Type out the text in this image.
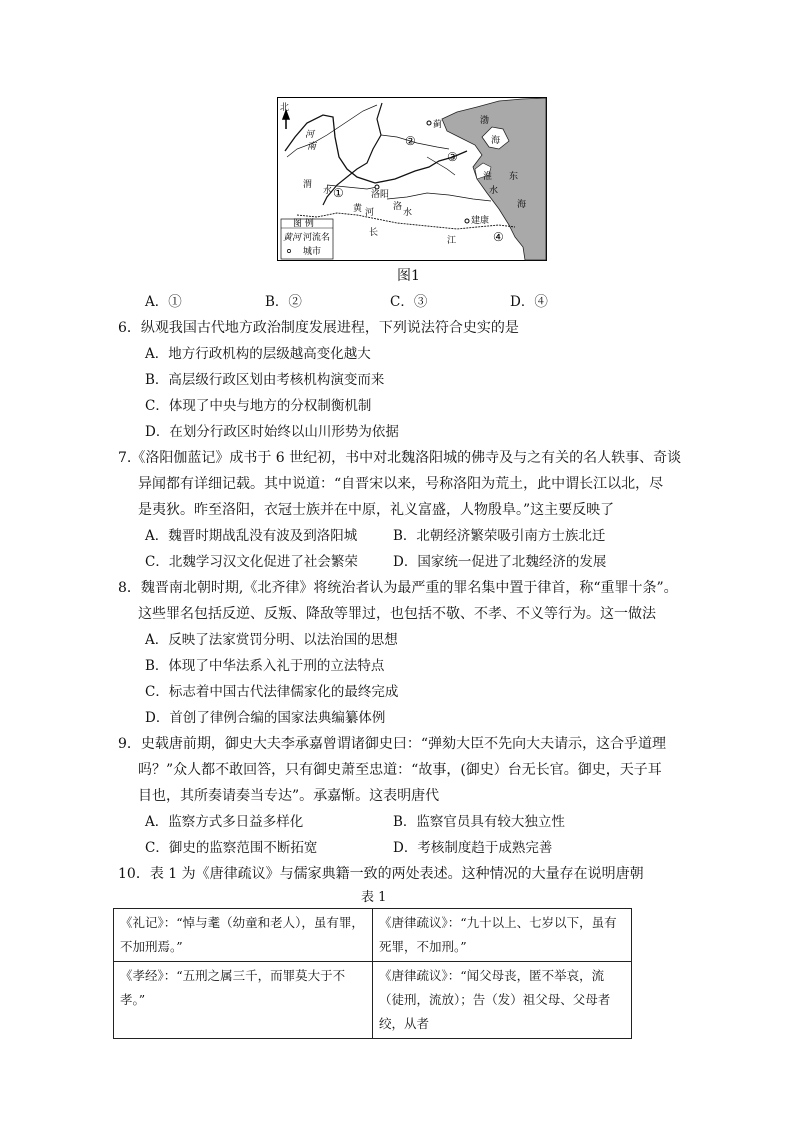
北
蓟
洛阳
建康
渤
海
东
海
渭
水
河
南
洛
水
淮
水
黄 河
长
江
①
②
③
④
图 例
黄河 河流名
城市
图1
A．①	B．②	C．③	D．④
6．纵观我国古代地方政治制度发展进程，下列说法符合史实的是
A．地方行政机构的层级越高变化越大
B．高层级行政区划由考核机构演变而来
C．体现了中央与地方的分权制衡机制
D．在划分行政区时始终以山川形势为依据
7.《洛阳伽蓝记》成书于 6 世纪初，书中对北魏洛阳城的佛寺及与之有关的名人轶事、奇谈
异闻都有详细记载。其中说道：“自晋宋以来，号称洛阳为荒土，此中谓长江以北，尽
是夷狄。昨至洛阳，衣冠士族并在中原，礼义富盛，人物殷阜。”这主要反映了
A．魏晋时期战乱没有波及到洛阳城	B．北朝经济繁荣吸引南方士族北迁
C．北魏学习汉文化促进了社会繁荣	D．国家统一促进了北魏经济的发展
8．魏晋南北朝时期,《北齐律》将统治者认为最严重的罪名集中置于律首，称“重罪十条”。
这些罪名包括反逆、反叛、降敌等罪过，也包括不敬、不孝、不义等行为。这一做法
A．反映了法家赏罚分明、以法治国的思想
B．体现了中华法系入礼于刑的立法特点
C．标志着中国古代法律儒家化的最终完成
D．首创了律例合编的国家法典编纂体例
9．史载唐前期，御史大夫李承嘉曾谓诸御史曰：“弹劾大臣不先向大夫请示，这合乎道理
吗？”众人都不敢回答，只有御史萧至忠道：“故事，(御史）台无长官。御史，天子耳
目也，其所奏请奏当专达”。承嘉惭。这表明唐代
A．监察方式多日益多样化	B．监察官员具有较大独立性
C．御史的监察范围不断拓宽	D．考核制度趋于成熟完善
10．表 1 为《唐律疏议》与儒家典籍一致的两处表述。这种情况的大量存在说明唐朝
表 1
《礼记》：“悼与耄（幼童和老人），虽有罪，不加刑焉。”	《唐律疏议》：“九十以上、七岁以下，虽有死罪，不加刑。”
《孝经》：“五刑之属三千，而罪莫大于不孝。”	《唐律疏议》：“闻父母丧，匿不举哀，流（徒刑，流放）；告（发）祖父母、父母者绞，从者
